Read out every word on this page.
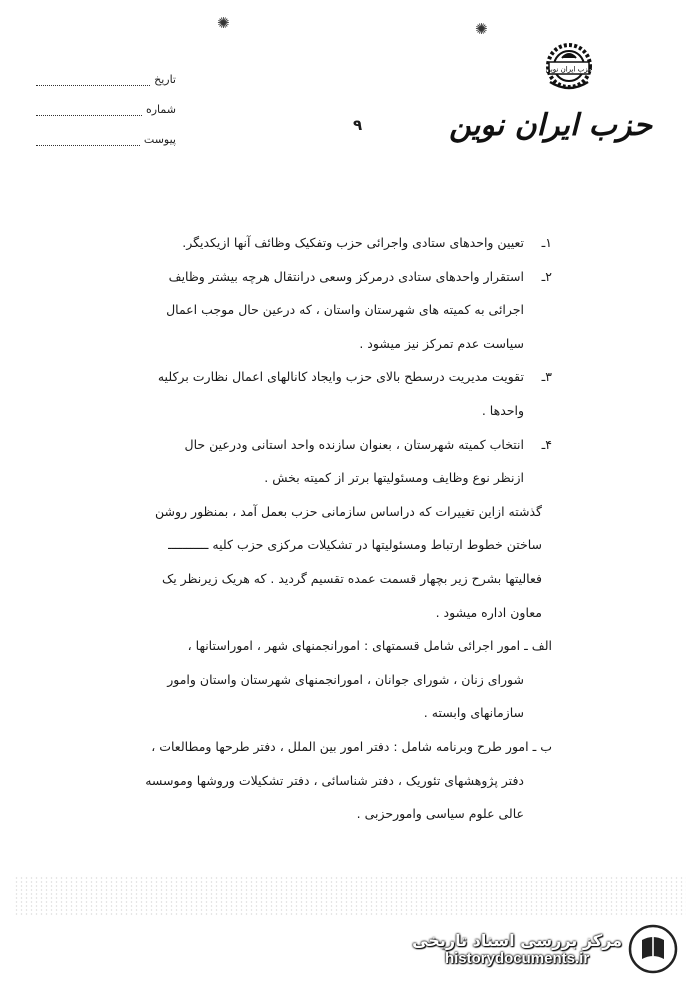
✺	✺
تاریخ
شماره
پیوست
۹
حزب ایران نوین
حزب ایران نوین
۱ـتعیین واحدهای ستادی واجرائی حزب وتفکیک وظائف آنها ازیکدیگر.
۲ـاستقرار واحدهای ستادی درمرکز وسعی درانتقال هرچه بیشتر وظایف
اجرائی به کمیته های شهرستان واستان ، که درعین حال موجب اعمال
سیاست عدم تمرکز نیز میشود .
۳ـتقویت مدیریت درسطح بالای حزب وایجاد کانالهای اعمال نظارت برکلیه
واحدها .
۴ـانتخاب کمیته شهرستان ، بعنوان سازنده واحد استانی ودرعین حال
ازنظر نوع وظایف ومسئولیتها برتر از کمیته بخش .
گذشته ازاین تغییرات که دراساس سازمانی حزب بعمل آمد ، بمنظور روشن
ساختن خطوط ارتباط ومسئولیتها در تشکیلات مرکزی حزب کلیه ـــــــــــ
فعالیتها بشرح زیر بچهار قسمت عمده تقسیم گردید . که هریک زیرنظر یک
معاون اداره میشود .
الف ـامور اجرائی شامل قسمتهای : امورانجمنهای شهر ، اموراستانها ،
شورای زنان ، شورای جوانان ، امورانجمنهای شهرستان واستان وامور
سازمانهای وابسته .
ب ـامور طرح وبرنامه شامل : دفتر امور بین الملل ، دفتر طرحها ومطالعات ،
دفتر پژوهشهای تئوریک ، دفتر شناسائی ، دفتر تشکیلات وروشها وموسسه
عالی علوم سیاسی وامورحزبی .
مرکز بررسی اسناد تاریخی
historydocuments.ir
